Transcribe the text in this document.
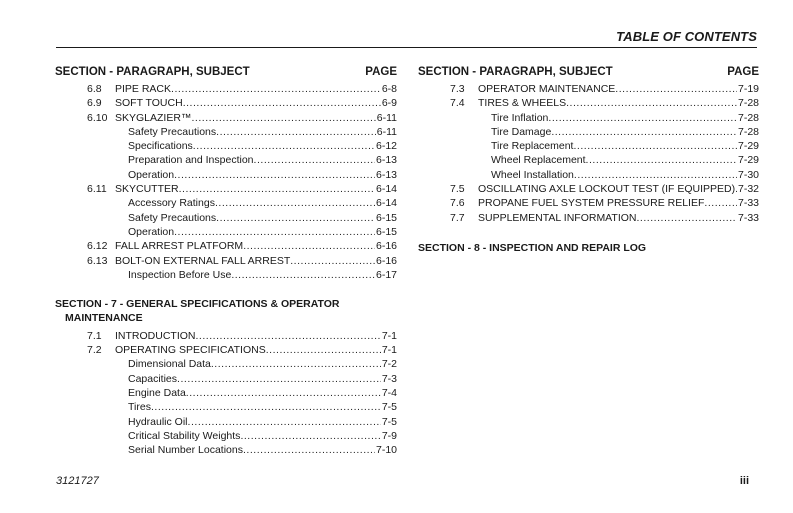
TABLE OF CONTENTS
SECTION - PARAGRAPH, SUBJECT	PAGE
6.8 PIPE RACK . . .	6-8
6.9 SOFT TOUCH . . .	6-9
6.10 SKYGLAZIER™ . . .	6-11
Safety Precautions . . .	6-11
Specifications . . .	6-12
Preparation and Inspection . . .	6-13
Operation . . .	6-13
6.11 SKYCUTTER . . .	6-14
Accessory Ratings . . .	6-14
Safety Precautions . . .	6-15
Operation . . .	6-15
6.12 FALL ARREST PLATFORM . . .	6-16
6.13 BOLT-ON EXTERNAL FALL ARREST . . .	6-16
Inspection Before Use . . .	6-17
SECTION - 7 - GENERAL SPECIFICATIONS & OPERATOR
MAINTENANCE
7.1 INTRODUCTION . . .	7-1
7.2 OPERATING SPECIFICATIONS . . .	7-1
Dimensional Data . . .	7-2
Capacities . . .	7-3
Engine Data . . .	7-4
Tires . . .	7-5
Hydraulic Oil . . .	7-5
Critical Stability Weights . . .	7-9
Serial Number Locations . . .	7-10
SECTION - PARAGRAPH, SUBJECT	PAGE
7.3 OPERATOR MAINTENANCE . . .	7-19
7.4 TIRES & WHEELS . . .	7-28
Tire Inflation . . .	7-28
Tire Damage . . .	7-28
Tire Replacement . . .	7-29
Wheel Replacement . . .	7-29
Wheel Installation . . .	7-30
7.5 OSCILLATING AXLE LOCKOUT TEST (IF EQUIPPED) . . . 7-32
7.6 PROPANE FUEL SYSTEM PRESSURE RELIEF . . .	7-33
7.7 SUPPLEMENTAL INFORMATION . . .	7-33
SECTION - 8 - INSPECTION AND REPAIR LOG
3121727	iii
